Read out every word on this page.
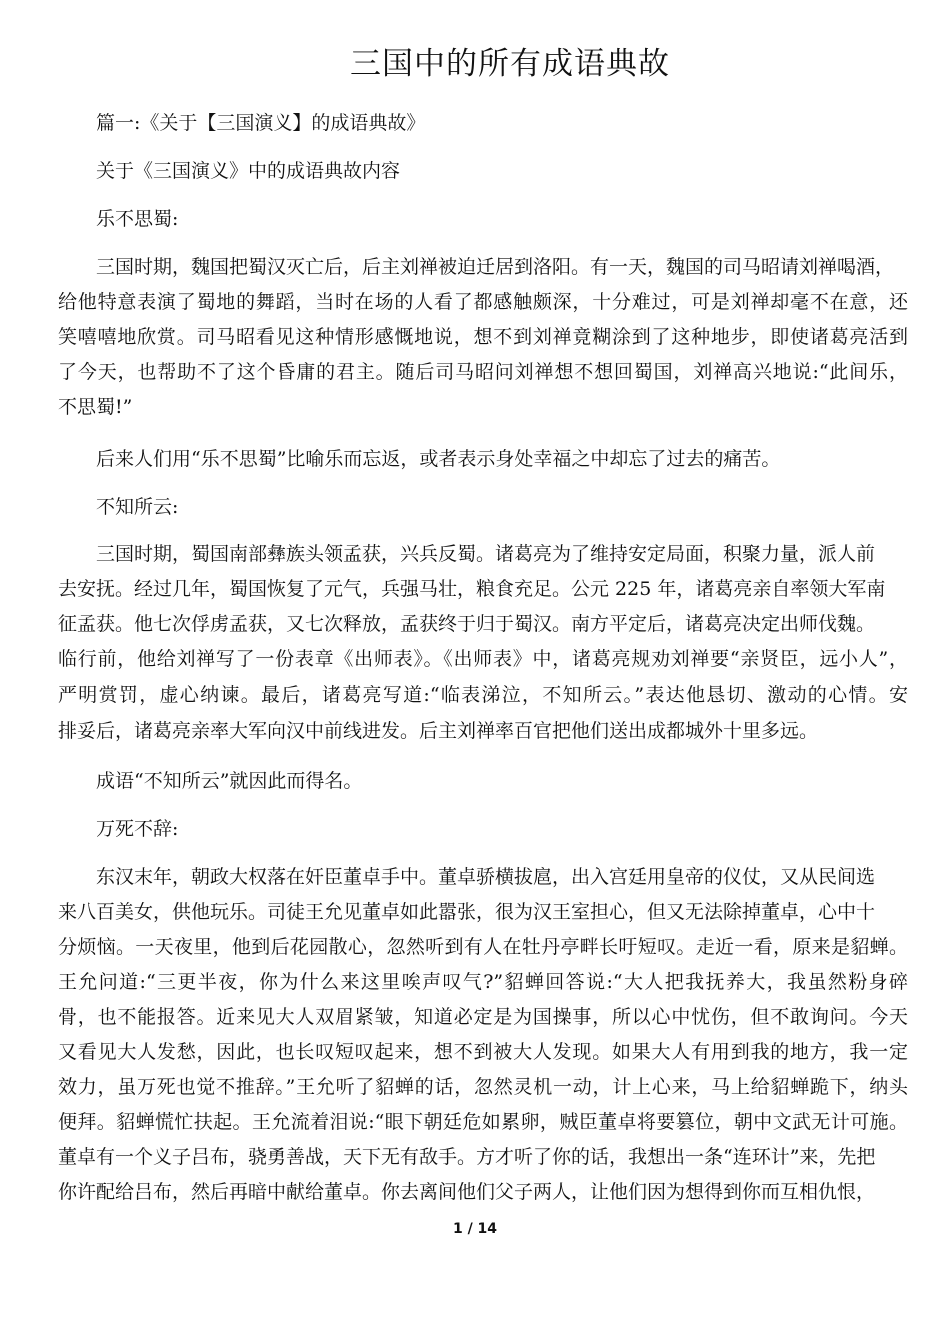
三国中的所有成语典故
篇一:《关于【三国演义】的成语典故》
关于《三国演义》中的成语典故内容
乐不思蜀:
三国时期，魏国把蜀汉灭亡后，后主刘禅被迫迁居到洛阳。有一天，魏国的司马昭请刘禅喝酒，
给他特意表演了蜀地的舞蹈，当时在场的人看了都感触颇深，十分难过，可是刘禅却毫不在意，还
笑嘻嘻地欣赏。司马昭看见这种情形感慨地说，想不到刘禅竟糊涂到了这种地步，即使诸葛亮活到
了今天，也帮助不了这个昏庸的君主。随后司马昭问刘禅想不想回蜀国，刘禅高兴地说:“此间乐，
不思蜀!”
后来人们用“乐不思蜀”比喻乐而忘返，或者表示身处幸福之中却忘了过去的痛苦。
不知所云:
三国时期，蜀国南部彝族头领孟获，兴兵反蜀。诸葛亮为了维持安定局面，积聚力量，派人前
去安抚。经过几年，蜀国恢复了元气，兵强马壮，粮食充足。公元 225 年，诸葛亮亲自率领大军南
征孟获。他七次俘虏孟获，又七次释放，孟获终于归于蜀汉。南方平定后，诸葛亮决定出师伐魏。
临行前，他给刘禅写了一份表章《出师表》。《出师表》中，诸葛亮规劝刘禅要“亲贤臣，远小人”，
严明赏罚，虚心纳谏。最后，诸葛亮写道:“临表涕泣，不知所云。”表达他恳切、激动的心情。安
排妥后，诸葛亮亲率大军向汉中前线进发。后主刘禅率百官把他们送出成都城外十里多远。
成语“不知所云”就因此而得名。
万死不辞:
东汉末年，朝政大权落在奸臣董卓手中。董卓骄横拔扈，出入宫廷用皇帝的仪仗，又从民间选
来八百美女，供他玩乐。司徒王允见董卓如此嚣张，很为汉王室担心，但又无法除掉董卓，心中十
分烦恼。一天夜里，他到后花园散心，忽然听到有人在牡丹亭畔长吁短叹。走近一看，原来是貂蝉。
王允问道:“三更半夜，你为什么来这里唉声叹气?”貂蝉回答说:“大人把我抚养大，我虽然粉身碎
骨，也不能报答。近来见大人双眉紧皱，知道必定是为国操事，所以心中忧伤，但不敢询问。今天
又看见大人发愁，因此，也长叹短叹起来，想不到被大人发现。如果大人有用到我的地方，我一定
效力，虽万死也觉不推辞。”王允听了貂蝉的话，忽然灵机一动，计上心来，马上给貂蝉跪下，纳头
便拜。貂蝉慌忙扶起。王允流着泪说:“眼下朝廷危如累卵，贼臣董卓将要篡位，朝中文武无计可施。
董卓有一个义子吕布，骁勇善战，天下无有敌手。方才听了你的话，我想出一条“连环计”来，先把
你许配给吕布，然后再暗中献给董卓。你去离间他们父子两人，让他们因为想得到你而互相仇恨，
1 / 14
